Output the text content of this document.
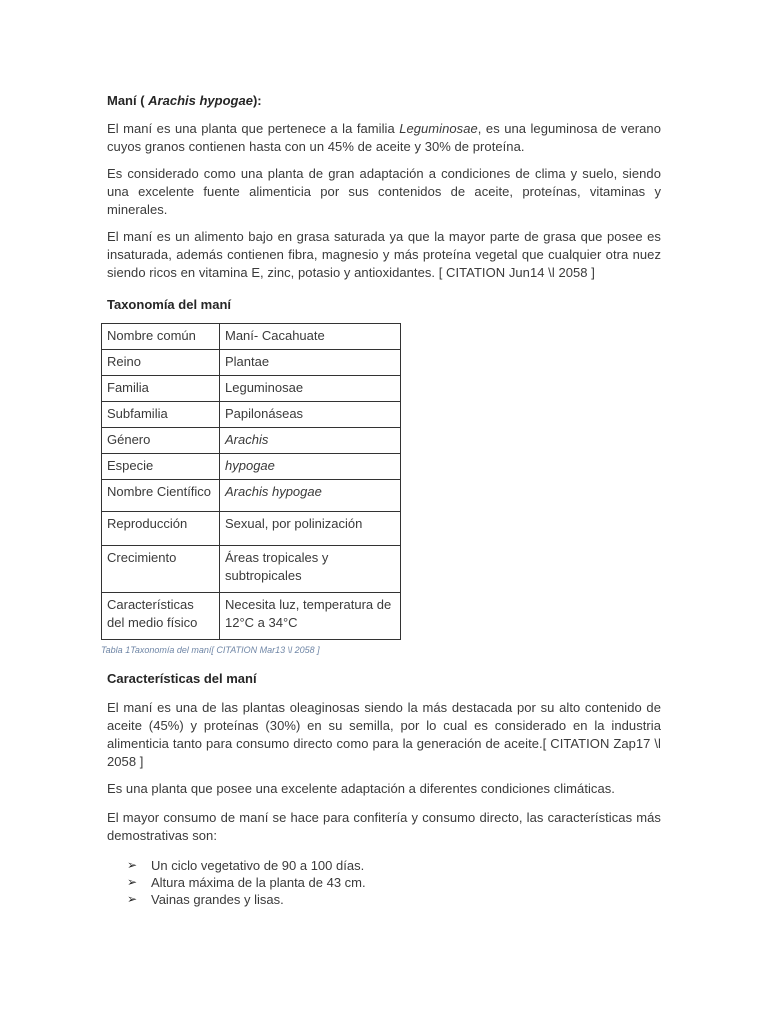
Maní ( Arachis hypogae):

El maní es una planta que pertenece a la familia Leguminosae, es una leguminosa de verano cuyos granos contienen hasta con un 45% de aceite y 30% de proteína.

Es considerado como una planta de gran adaptación a condiciones de clima y suelo, siendo una excelente fuente alimenticia por sus contenidos de aceite, proteínas, vitaminas y minerales.

El maní es un alimento bajo en grasa saturada ya que la mayor parte de grasa que posee es insaturada, además contienen fibra, magnesio y más proteína vegetal que cualquier otra nuez siendo ricos en vitamina E, zinc, potasio y antioxidantes. [ CITATION Jun14 \l 2058 ]

Taxonomía del maní
Nombre común	Maní- Cacahuate
Reino	Plantae
Familia	Leguminosae
Subfamilia	Papilonáseas
Género	Arachis
Especie	hypogae
Nombre Científico	Arachis hypogae
Reproducción	Sexual, por polinización
Crecimiento	Áreas tropicales y subtropicales
Características del medio físico	Necesita luz, temperatura de 12°C a 34°C
Tabla 1Taxonomía del maní[ CITATION Mar13 \l 2058 ]
Características del maní

El maní es una de las plantas oleaginosas siendo la más destacada por su alto contenido de aceite (45%) y proteínas (30%) en su semilla, por lo cual es considerado en la industria alimenticia tanto para consumo directo como para la generación de aceite.[ CITATION Zap17 \l 2058 ]

Es una planta que posee una excelente adaptación a diferentes condiciones climáticas.

El mayor consumo de maní se hace para confitería y consumo directo, las características más demostrativas son:

➢ Un ciclo vegetativo de 90 a 100 días.
➢ Altura máxima de la planta de 43 cm.
➢ Vainas grandes y lisas.
